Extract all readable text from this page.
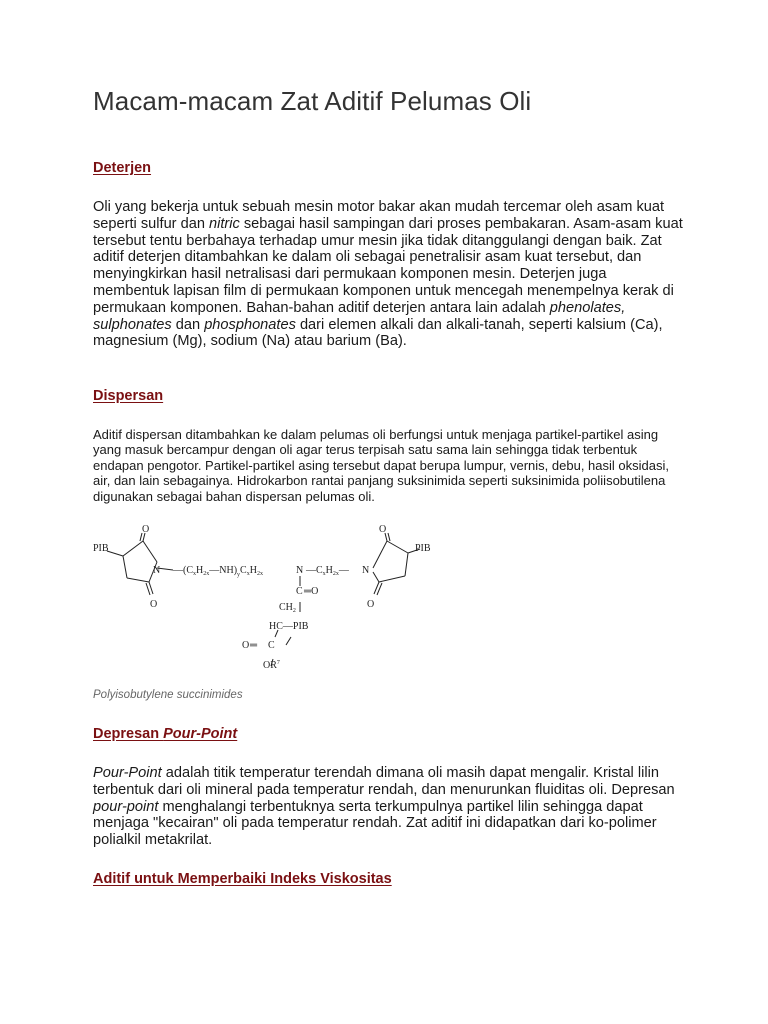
Macam-macam Zat Aditif Pelumas Oli
Deterjen

Oli yang bekerja untuk sebuah mesin motor bakar akan mudah tercemar oleh asam kuat seperti sulfur dan nitric sebagai hasil sampingan dari proses pembakaran. Asam-asam kuat tersebut tentu berbahaya terhadap umur mesin jika tidak ditanggulangi dengan baik. Zat aditif deterjen ditambahkan ke dalam oli sebagai penetralisir asam kuat tersebut, dan menyingkirkan hasil netralisasi dari permukaan komponen mesin. Deterjen juga membentuk lapisan film di permukaan komponen untuk mencegah menempelnya kerak di permukaan komponen. Bahan-bahan aditif deterjen antara lain adalah phenolates, sulphonates dan phosphonates dari elemen alkali dan alkali-tanah, seperti kalsium (Ca), magnesium (Mg), sodium (Na) atau barium (Ba).

Dispersan

Aditif dispersan ditambahkan ke dalam pelumas oli berfungsi untuk menjaga partikel-partikel asing yang masuk bercampur dengan oli agar terus terpisah satu sama lain sehingga tidak terbentuk endapan pengotor. Partikel-partikel asing tersebut dapat berupa lumpur, vernis, debu, hasil oksidasi, air, dan lain sebagainya. Hidrokarbon rantai panjang suksinimida seperti suksinimida poliisobutilena digunakan sebagai bahan dispersan pelumas oli.

O
O
PIB
N $—(C_xH_{2x}—NH)_yC_xH_{2x}$	N $—C_xH_{2x}—$ N
C ═O
$CH_2$
HC—PIB
O ═ C
$OR^7$
O
O
PIB

Polyisobutylene succinimides

Depresan Pour-Point

Pour-Point adalah titik temperatur terendah dimana oli masih dapat mengalir. Kristal lilin terbentuk dari oli mineral pada temperatur rendah, dan menurunkan fluiditas oli. Depresan pour-point menghalangi terbentuknya serta terkumpulnya partikel lilin sehingga dapat menjaga "kecairan" oli pada temperatur rendah. Zat aditif ini didapatkan dari ko-polimer polialkil metakrilat.

Aditif untuk Memperbaiki Indeks Viskositas
